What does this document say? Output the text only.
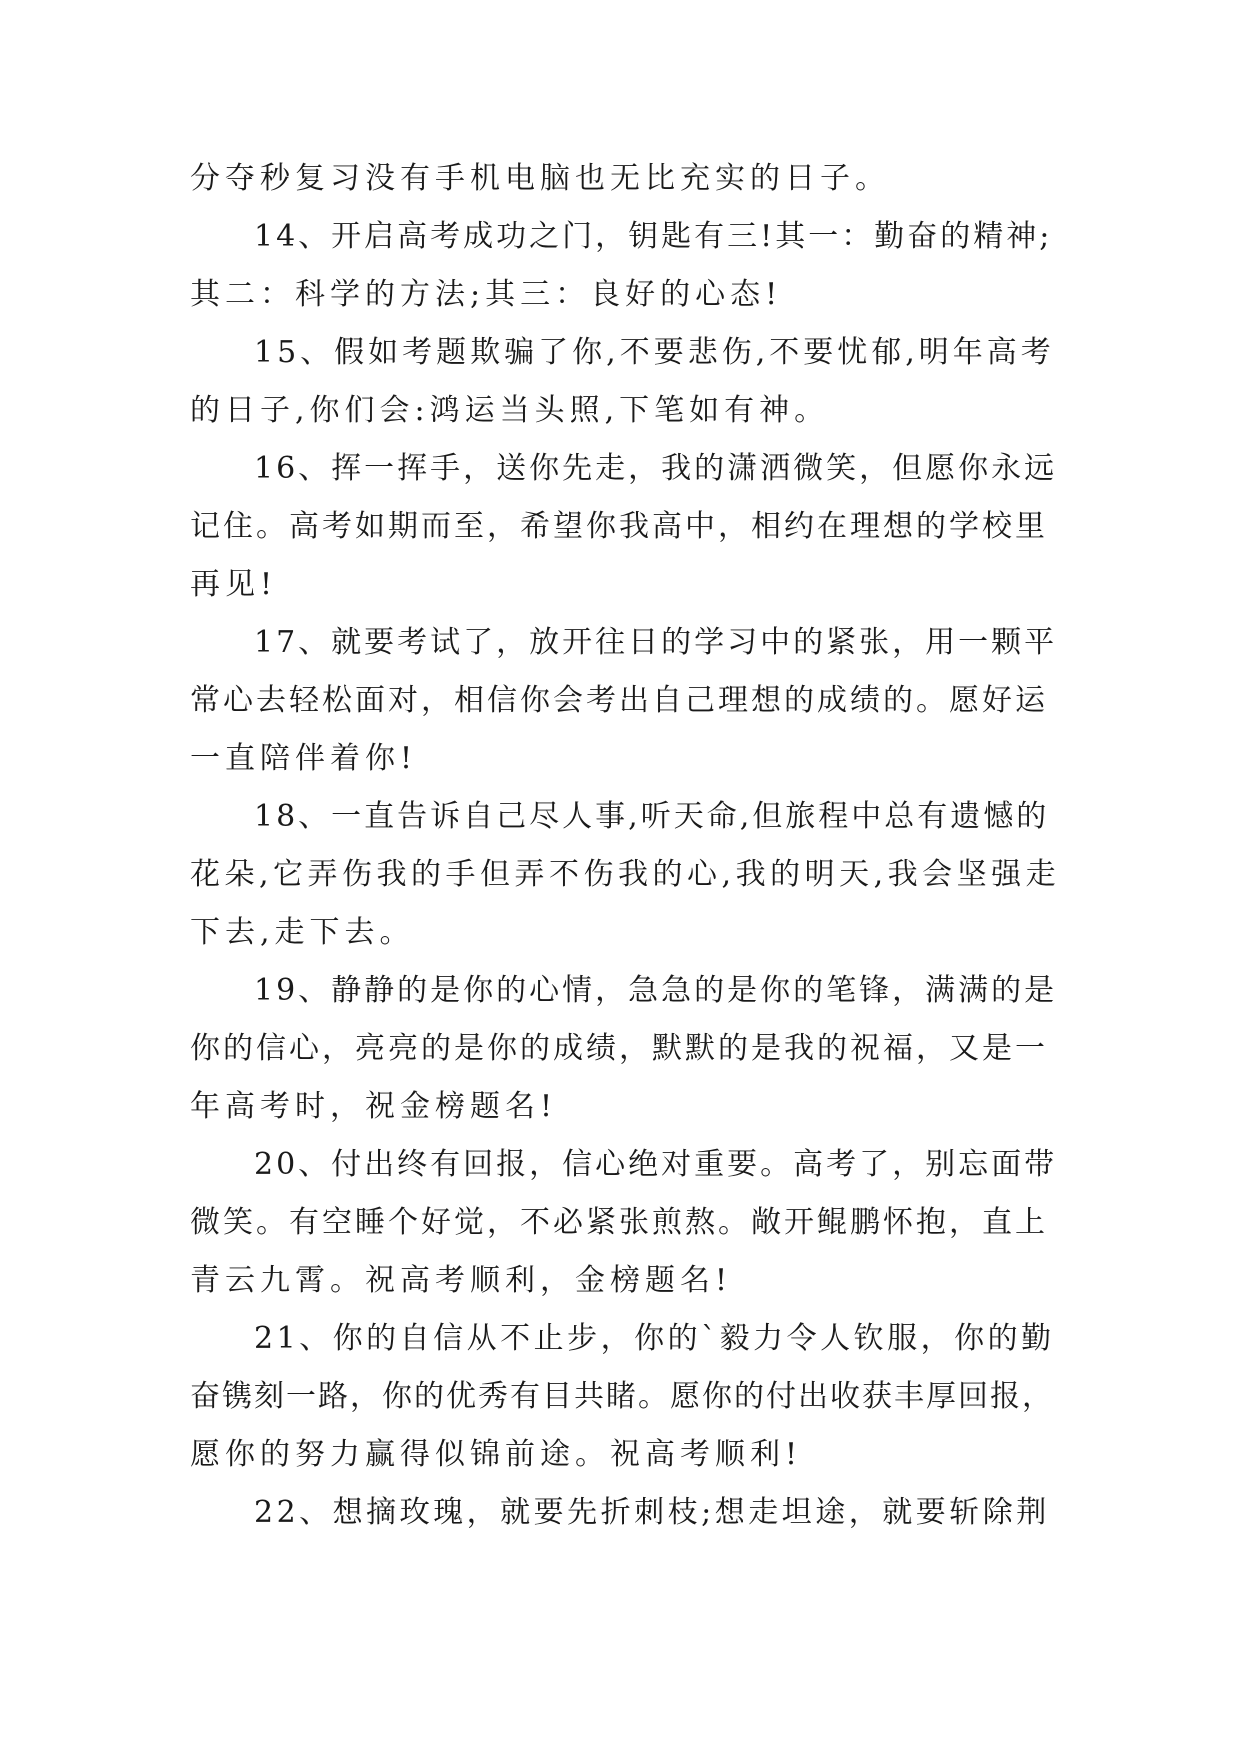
分夺秒复习没有手机电脑也无比充实的日子。
14、开启高考成功之门，钥匙有三!其一：勤奋的精神;
其二：科学的方法;其三：良好的心态!
15、假如考题欺骗了你,不要悲伤,不要忧郁,明年高考
的日子,你们会:鸿运当头照,下笔如有神。
16、挥一挥手，送你先走，我的潇洒微笑，但愿你永远
记住。高考如期而至，希望你我高中，相约在理想的学校里
再见!
17、就要考试了，放开往日的学习中的紧张，用一颗平
常心去轻松面对，相信你会考出自己理想的成绩的。愿好运
一直陪伴着你!
18、一直告诉自己尽人事,听天命,但旅程中总有遗憾的
花朵,它弄伤我的手但弄不伤我的心,我的明天,我会坚强走
下去,走下去。
19、静静的是你的心情，急急的是你的笔锋，满满的是
你的信心，亮亮的是你的成绩，默默的是我的祝福，又是一
年高考时，祝金榜题名!
20、付出终有回报，信心绝对重要。高考了，别忘面带
微笑。有空睡个好觉，不必紧张煎熬。敞开鲲鹏怀抱，直上
青云九霄。祝高考顺利，金榜题名!
21、你的自信从不止步，你的`毅力令人钦服，你的勤
奋镌刻一路，你的优秀有目共睹。愿你的付出收获丰厚回报，
愿你的努力赢得似锦前途。祝高考顺利!
22、想摘玫瑰，就要先折刺枝;想走坦途，就要斩除荆
